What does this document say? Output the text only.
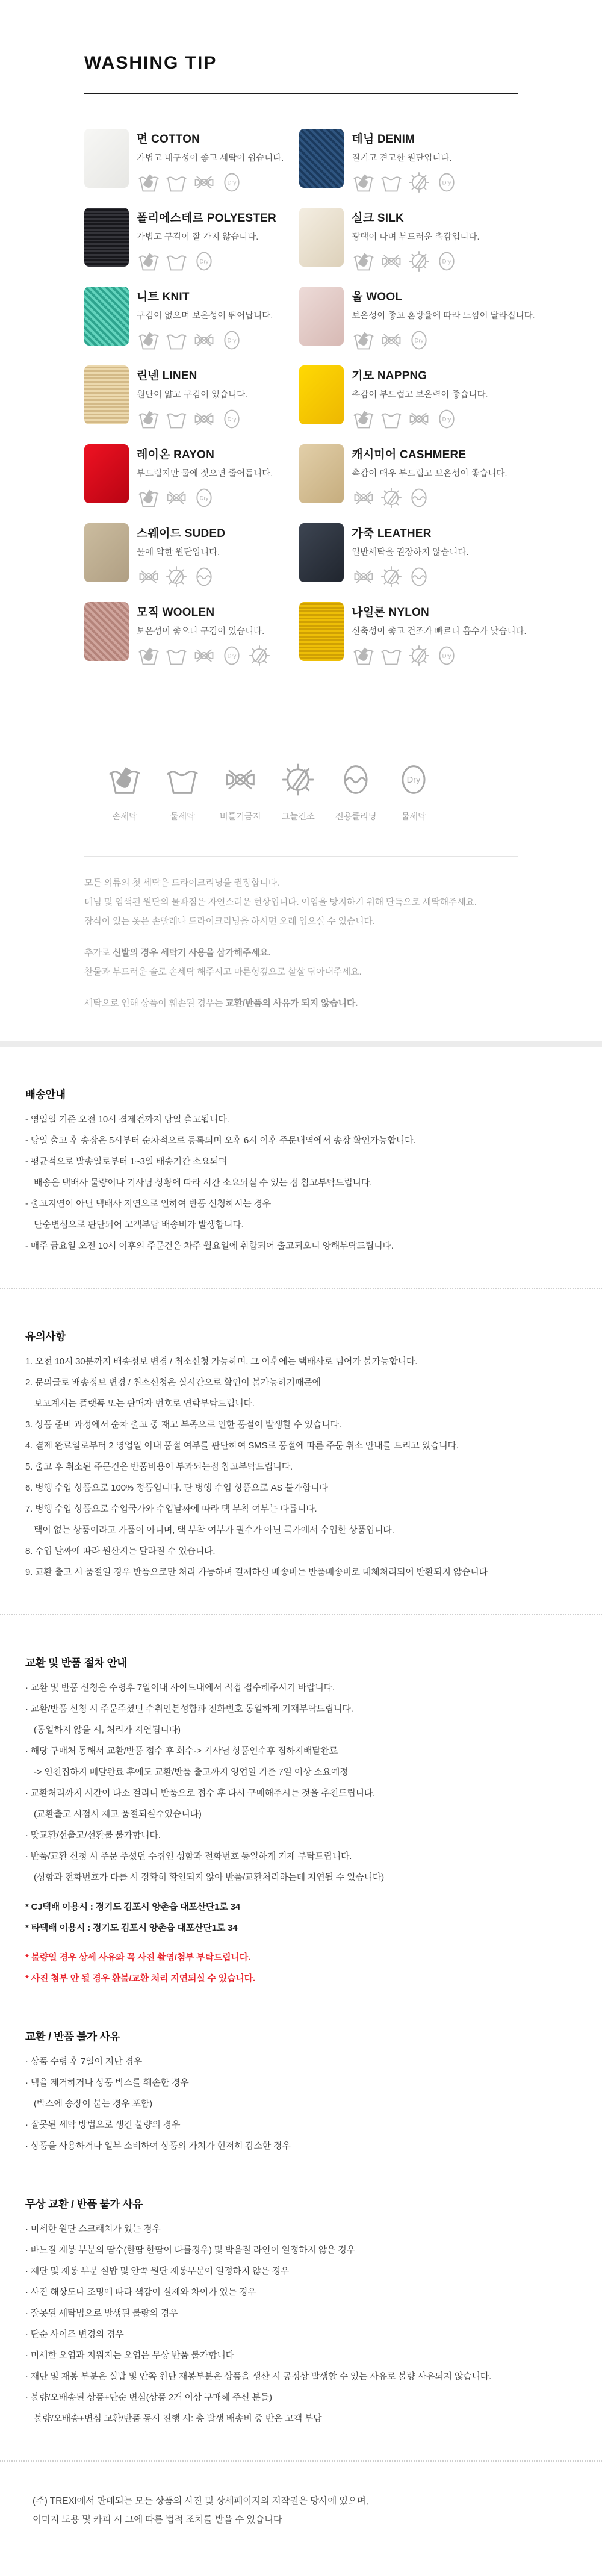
WASHING TIP
면 COTTON
가볍고 내구성이 좋고 세탁이 쉽습니다.
데님 DENIM
질기고 견고한 원단입니다.
폴리에스테르 POLYESTER
가볍고 구김이 잘 가지 않습니다.
실크 SILK
광택이 나며 부드러운 촉감입니다.
니트 KNIT
구김이 없으며 보온성이 뛰어납니다.
울 WOOL
보온성이 좋고 혼방율에 따라 느낌이 달라집니다.
린넨 LINEN
원단이 얇고 구김이 있습니다.
기모 NAPPNG
촉감이 부드럽고 보온력이 좋습니다.
레이온 RAYON
부드럽지만 물에 젖으면 줄어듭니다.
캐시미어 CASHMERE
촉감이 매우 부드럽고 보온성이 좋습니다.
스웨이드 SUDED
물에 약한 원단입니다.
가죽 LEATHER
일반세탁을 권장하지 않습니다.
모직 WOOLEN
보온성이 좋으나 구김이 있습니다.
나일론 NYLON
신축성이 좋고 건조가 빠르나 흡수가 낮습니다.
손세탁	물세탁	비틀기금지	그늘건조	전용클리닝	물세탁
모든 의류의 첫 세탁은 드라이크리닝을 권장합니다.
데님 및 염색된 원단의 물빠짐은 자연스러운 현상입니다. 이염을 방지하기 위해 단독으로 세탁해주세요.
장식이 있는 옷은 손빨래나 드라이크리닝을 하시면 오래 입으실 수 있습니다.
추가로 신발의 경우 세탁기 사용을 삼가해주세요.
찬물과 부드러운 솔로 손세탁 해주시고 마른헝겊으로 살살 닦아내주세요.
세탁으로 인해 상품이 훼손된 경우는 교환/반품의 사유가 되지 않습니다.
배송안내
- 영업일 기준 오전 10시 결제건까지 당일 출고됩니다.
- 당일 출고 후 송장은 5시부터 순차적으로 등록되며 오후 6시 이후 주문내역에서 송장 확인가능합니다.
- 평균적으로 발송일로부터 1~3일 배송기간 소요되며
배송은 택배사 물량이나 기사님 상황에 따라 시간 소요되실 수 있는 점 참고부탁드립니다.
- 출고지연이 아닌 택배사 지연으로 인하여 반품 신청하시는 경우
단순변심으로 판단되어 고객부담 배송비가 발생합니다.
- 매주 금요일 오전 10시 이후의 주문건은 차주 월요일에 취합되어 출고되오니 양해부탁드립니다.
유의사항
1. 오전 10시 30분까지 배송정보 변경 / 취소신청 가능하며, 그 이후에는 택배사로 넘어가 불가능합니다.
2. 문의글로 배송정보 변경 / 취소신청은 실시간으로 확인이 불가능하기때문에
보고계시는 플랫폼 또는 판매자 번호로 연락부탁드립니다.
3. 상품 준비 과정에서 순차 출고 중 재고 부족으로 인한 품절이 발생할 수 있습니다.
4. 결제 완료일로부터 2 영업일 이내 품절 여부를 판단하여 SMS로 품절에 따른 주문 취소 안내를 드리고 있습니다.
5. 출고 후 취소된 주문건은 반품비용이 부과되는점 참고부탁드립니다.
6. 병행 수입 상품으로 100% 정품입니다. 단 병행 수입 상품으로 AS 불가합니다
7. 병행 수입 상품으로 수입국가와 수입날짜에 따라 택 부착 여부는 다릅니다.
택이 없는 상품이라고 가품이 아니며, 택 부착 여부가 필수가 아닌 국가에서 수입한 상품입니다.
8. 수입 날짜에 따라 원산지는 달라질 수 있습니다.
9. 교환 출고 시 품절일 경우 반품으로만 처리 가능하며 결제하신 배송비는 반품배송비로 대체처리되어 반환되지 않습니다
교환 및 반품 절차 안내
· 교환 및 반품 신청은 수령후 7일이내 사이트내에서 직접 접수해주시기 바랍니다.
· 교환/반품 신청 시 주문주셨던 수취인분성함과 전화번호 동일하게 기재부탁드립니다.
(동일하지 않을 시, 처리가 지연됩니다)
· 해당 구매처 통해서 교환/반품 접수 후 회수-> 기사님 상품인수후 집하지배달완료
-> 인천집하지 배달완료 후에도 교환/반품 출고까지 영업일 기준 7일 이상 소요예정
· 교환처리까지 시간이 다소 걸리니 반품으로 접수 후 다시 구매해주시는 것을 추천드립니다.
(교환출고 시점시 재고 품절되실수있습니다)
· 맞교환/선출고/선환불 불가합니다.
· 반품/교환 신청 시 주문 주셨던 수취인 성함과 전화번호 동일하게 기재 부탁드립니다.
(성함과 전화번호가 다를 시 정확히 확인되지 않아 반품/교환처리하는데 지연될 수 있습니다)
* CJ택배 이용시 : 경기도 김포시 양촌읍 대포산단1로 34
* 타택배 이용시 : 경기도 김포시 양촌읍 대포산단1로 34
* 불량일 경우 상세 사유와 꼭 사진 촬영/첨부 부탁드립니다.
* 사진 첨부 안 될 경우 환불/교환 처리 지연되실 수 있습니다.
교환 / 반품 불가 사유
· 상품 수령 후 7일이 지난 경우
· 택을 제거하거나 상품 박스를 훼손한 경우
(박스에 송장이 붙는 경우 포함)
· 잘못된 세탁 방법으로 생긴 불량의 경우
· 상품을 사용하거나 일부 소비하여 상품의 가치가 현저히 감소한 경우
무상 교환 / 반품 불가 사유
· 미세한 원단 스크래치가 있는 경우
· 바느질 재봉 부분의 땀수(한땀 한땀이 다를경우) 및 박음질 라인이 일정하지 않은 경우
· 재단 및 재봉 부분 실밥 및 안쪽 원단 재봉부분이 일정하지 않은 경우
· 사진 해상도나 조명에 따라 색감이 실제와 차이가 있는 경우
· 잘못된 세탁법으로 발생된 불량의 경우
· 단순 사이즈 변경의 경우
· 미세한 오염과 지워지는 오염은 무상 반품 불가합니다
· 재단 및 재봉 부분은 실밥 및 안쪽 원단 재봉부분은 상품을 생산 시 공정상 발생할 수 있는 사유로 불량 사유되지 않습니다.
· 불량/오배송된 상품+단순 변심(상품 2개 이상 구매해 주신 분들)
불량/오배송+변심 교환/반품 동시 진행 시: 총 발생 배송비 중 반은 고객 부담
(주) TREXI에서 판매되는 모든 상품의 사진 및 상세페이지의 저작권은 당사에 있으며,
이미지 도용 및 카피 시 그에 따른 법적 조치를 받을 수 있습니다
